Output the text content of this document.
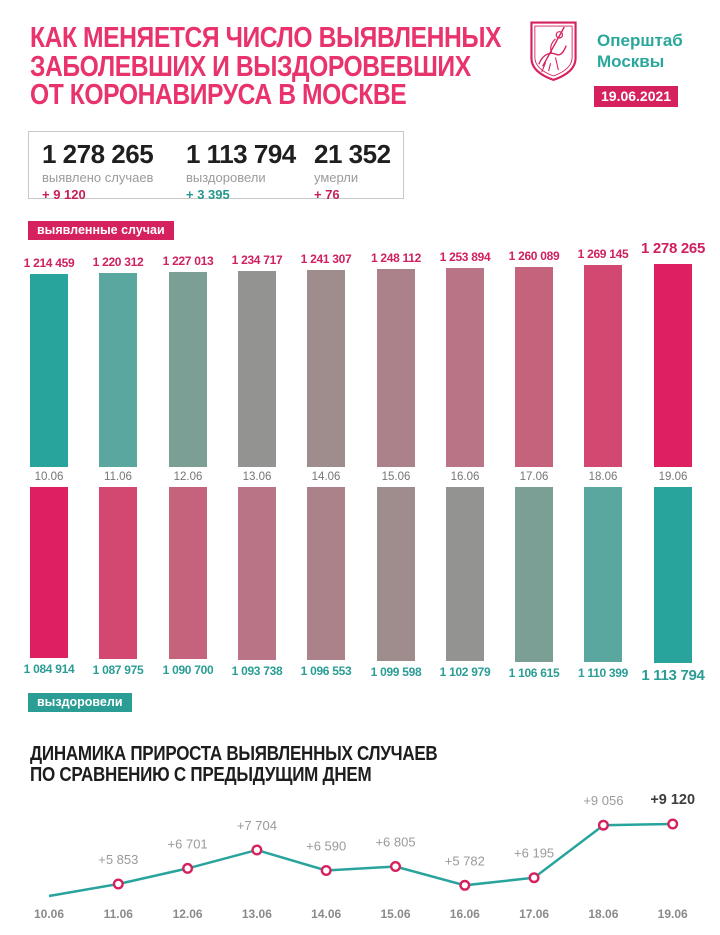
КАК МЕНЯЕТСЯ ЧИСЛО ВЫЯВЛЕННЫХ
ЗАБОЛЕВШИХ И ВЫЗДОРОВЕВШИХ
ОТ КОРОНАВИРУСА В МОСКВЕ
Оперштаб
Москвы
19.06.2021
1 278 265
выявлено случаев
+ 9 120
1 113 794
выздоровели
+ 3 395
21 352
умерли
+ 76
выявленные случаи
1 214 459
10.06
1 084 914
1 220 312
11.06
1 087 975
1 227 013
12.06
1 090 700
1 234 717
13.06
1 093 738
1 241 307
14.06
1 096 553
1 248 112
15.06
1 099 598
1 253 894
16.06
1 102 979
1 260 089
17.06
1 106 615
1 269 145
18.06
1 110 399
1 278 265
19.06
1 113 794
выздоровели
ДИНАМИКА ПРИРОСТА ВЫЯВЛЕННЫХ СЛУЧАЕВ
ПО СРАВНЕНИЮ С ПРЕДЫДУЩИМ ДНЕМ
10.06
+5 853
11.06
+6 701
12.06
+7 704
13.06
+6 590
14.06
+6 805
15.06
+5 782
16.06
+6 195
17.06
+9 056
18.06
+9 120
19.06
